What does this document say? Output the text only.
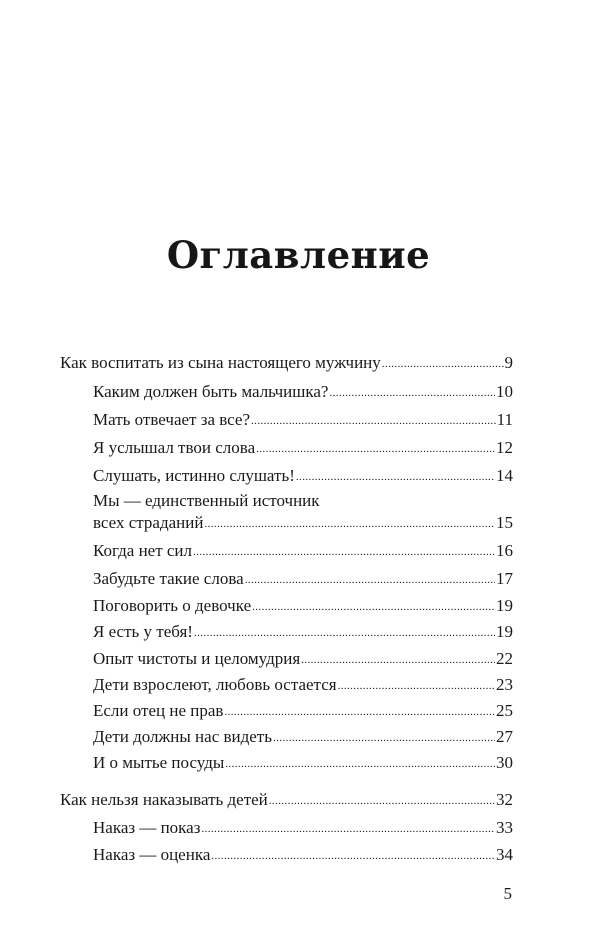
Оглавление
Как воспитать из сына настоящего мужчину .....	9
Каким должен быть мальчишка? .....	10
Мать отвечает за все? .....	11
Я услышал твои слова .....	12
Слушать, истинно слушать! .....	14
Мы — единственный источник
всех страданий .....	15
Когда нет сил .....	16
Забудьте такие слова .....	17
Поговорить о девочке .....	19
Я есть у тебя! .....	19
Опыт чистоты и целомудрия .....	22
Дети взрослеют, любовь остается .....	23
Если отец не прав .....	25
Дети должны нас видеть .....	27
И о мытье посуды .....	30
Как нельзя наказывать детей .....	32
Наказ — показ .....	33
Наказ — оценка .....	34
5
